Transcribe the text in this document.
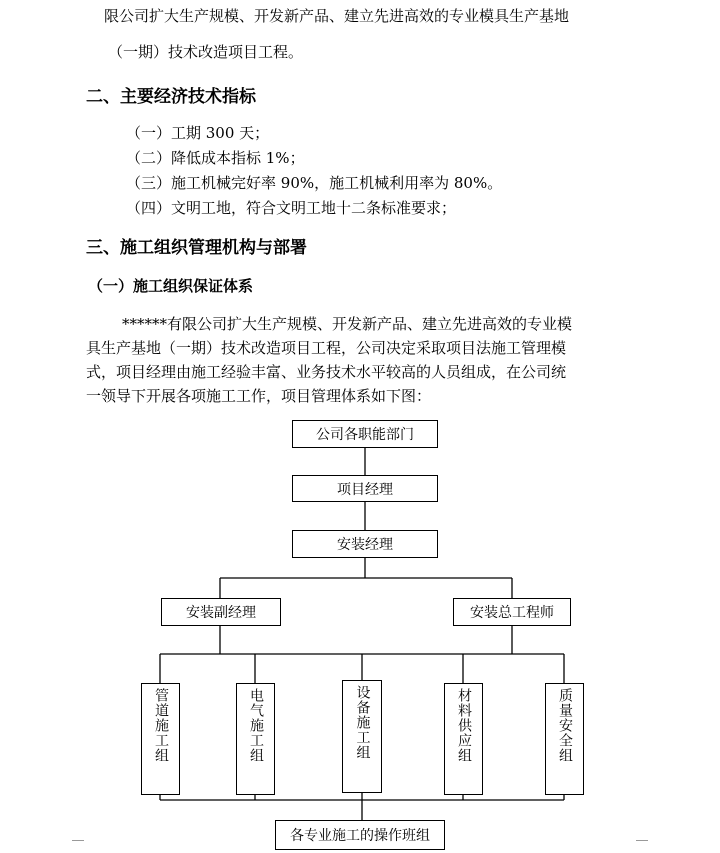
限公司扩大生产规模、开发新产品、建立先进高效的专业模具生产基地
（一期）技术改造项目工程。
二、主要经济技术指标
（一）工期 300 天；
（二）降低成本指标 1%；
（三）施工机械完好率 90%，施工机械利用率为 80%。
（四）文明工地，符合文明工地十二条标准要求；
三、施工组织管理机构与部署
（一）施工组织保证体系
******有限公司扩大生产规模、开发新产品、建立先进高效的专业模
具生产基地（一期）技术改造项目工程，公司决定采取项目法施工管理模
式，项目经理由施工经验丰富、业务技术水平较高的人员组成，在公司统
一领导下开展各项施工工作，项目管理体系如下图：
公司各职能部门
项目经理
安装经理
安装副经理	安装总工程师
管道施工组	电气施工组	设备施工组	材料供应组	质量安全组
各专业施工的操作班组
